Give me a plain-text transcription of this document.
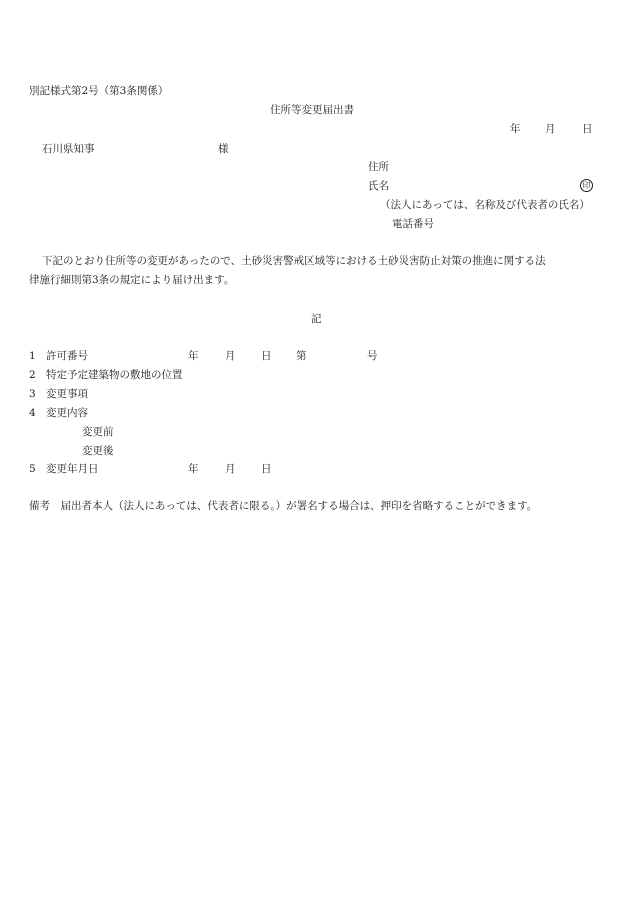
別記様式第2号（第3条関係）
住所等変更届出書
年 月	日
石川県知事	様
住所
氏名	印
（法人にあっては、名称及び代表者の氏名）
電話番号
下記のとおり住所等の変更があったので、土砂災害警戒区域等における土砂災害防止対策の推進に関する法
律施行細則第3条の規定により届け出ます。
記
1 許可番号	年	月 日 第	号
2 特定予定建築物の敷地の位置
3 変更事項
4 変更内容
変更前
変更後
5 変更年月日	年	月 日
備考　届出者本人（法人にあっては、代表者に限る。）が署名する場合は、押印を省略することができます。
